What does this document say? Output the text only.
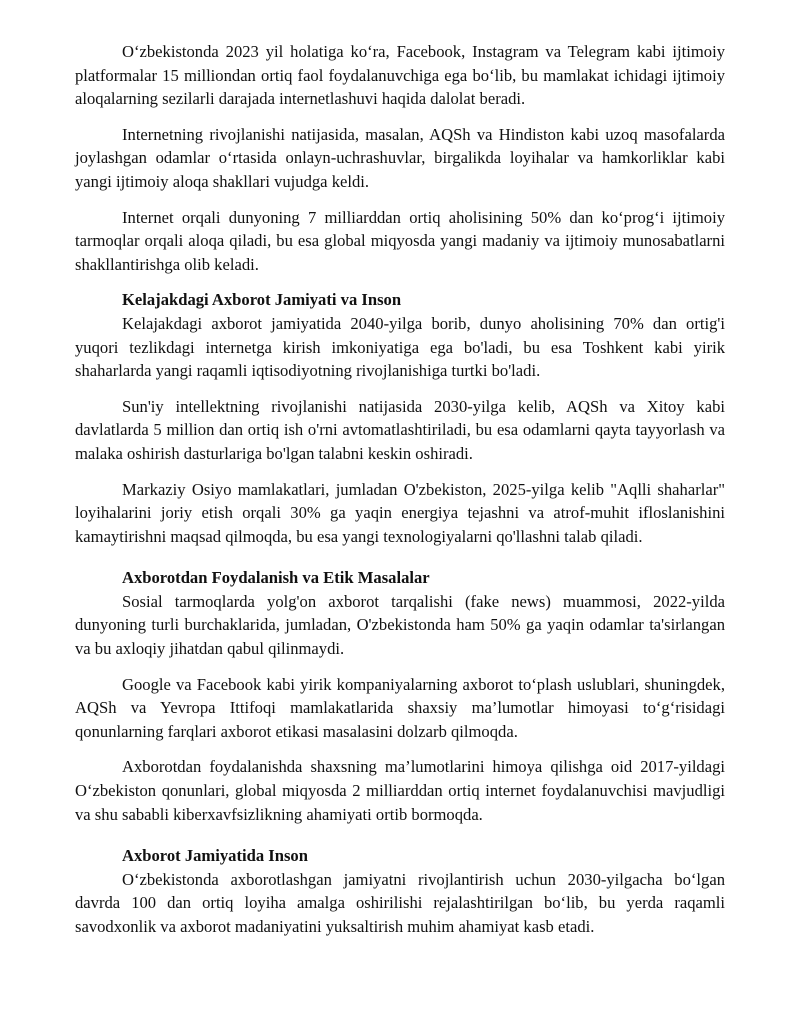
O‘zbekistonda 2023 yil holatiga ko‘ra, Facebook, Instagram va Telegram kabi ijtimoiy platformalar 15 milliondan ortiq faol foydalanuvchiga ega bo‘lib, bu mamlakat ichidagi ijtimoiy aloqalarning sezilarli darajada internetlashuvi haqida dalolat beradi.

Internetning rivojlanishi natijasida, masalan, AQSh va Hindiston kabi uzoq masofalarda joylashgan odamlar o‘rtasida onlayn-uchrashuvlar, birgalikda loyihalar va hamkorliklar kabi yangi ijtimoiy aloqa shakllari vujudga keldi.

Internet orqali dunyoning 7 milliarddan ortiq aholisining 50% dan ko‘prog‘i ijtimoiy tarmoqlar orqali aloqa qiladi, bu esa global miqyosda yangi madaniy va ijtimoiy munosabatlarni shakllantirishga olib keladi.

Kelajakdagi Axborot Jamiyati va Inson

Kelajakdagi axborot jamiyatida 2040-yilga borib, dunyo aholisining 70% dan ortig'i yuqori tezlikdagi internetga kirish imkoniyatiga ega bo'ladi, bu esa Toshkent kabi yirik shaharlarda yangi raqamli iqtisodiyotning rivojlanishiga turtki bo'ladi.

Sun'iy intellektning rivojlanishi natijasida 2030-yilga kelib, AQSh va Xitoy kabi davlatlarda 5 million dan ortiq ish o'rni avtomatlashtiriladi, bu esa odamlarni qayta tayyorlash va malaka oshirish dasturlariga bo'lgan talabni keskin oshiradi.

Markaziy Osiyo mamlakatlari, jumladan O'zbekiston, 2025-yilga kelib "Aqlli shaharlar" loyihalarini joriy etish orqali 30% ga yaqin energiya tejashni va atrof-muhit ifloslanishini kamaytirishni maqsad qilmoqda, bu esa yangi texnologiyalarni qo'llashni talab qiladi.

Axborotdan Foydalanish va Etik Masalalar

Sosial tarmoqlarda yolg'on axborot tarqalishi (fake news) muammosi, 2022-yilda dunyoning turli burchaklarida, jumladan, O'zbekistonda ham 50% ga yaqin odamlar ta'sirlangan va bu axloqiy jihatdan qabul qilinmaydi.

Google va Facebook kabi yirik kompaniyalarning axborot to‘plash uslublari, shuningdek, AQSh va Yevropa Ittifoqi mamlakatlarida shaxsiy ma’lumotlar himoyasi to‘g‘risidagi qonunlarning farqlari axborot etikasi masalasini dolzarb qilmoqda.

Axborotdan foydalanishda shaxsning ma’lumotlarini himoya qilishga oid 2017-yildagi O‘zbekiston qonunlari, global miqyosda 2 milliarddan ortiq internet foydalanuvchisi mavjudligi va shu sababli kiberxavfsizlikning ahamiyati ortib bormoqda.

Axborot Jamiyatida Inson

O‘zbekistonda axborotlashgan jamiyatni rivojlantirish uchun 2030-yilgacha bo‘lgan davrda 100 dan ortiq loyiha amalga oshirilishi rejalashtirilgan bo‘lib, bu yerda raqamli savodxonlik va axborot madaniyatini yuksaltirish muhim ahamiyat kasb etadi.
